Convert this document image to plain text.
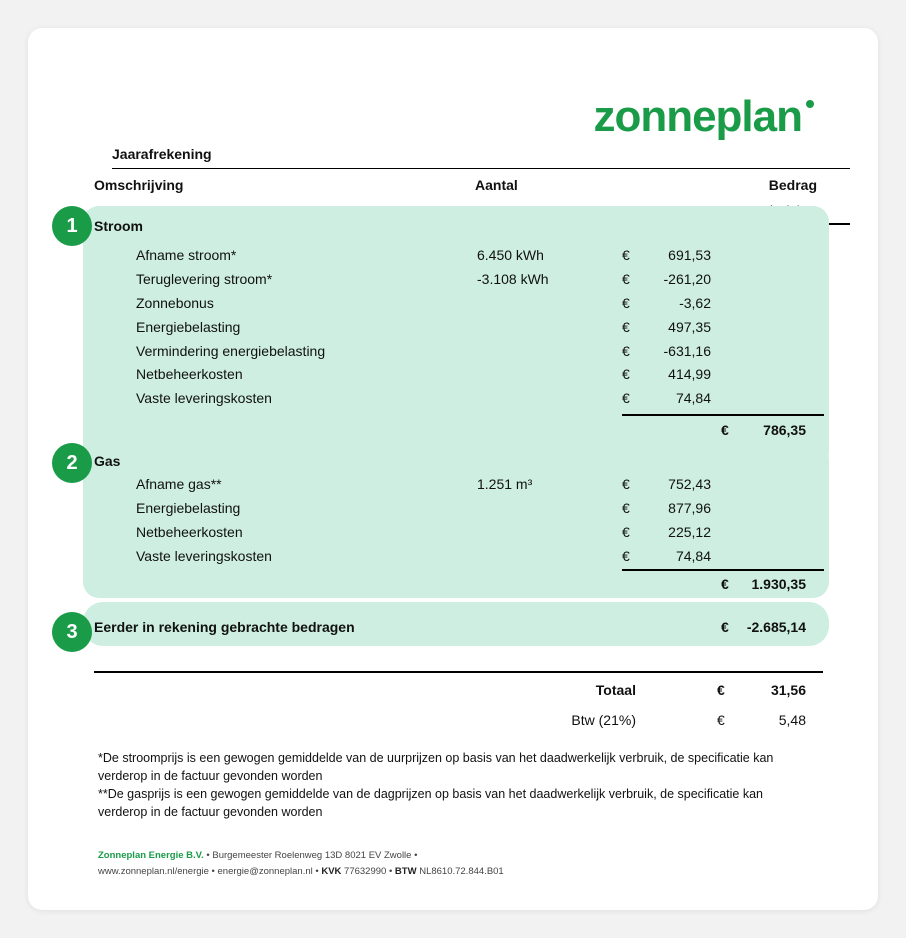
zonneplan
Jaarafrekening
Omschrijving	Aantal	Bedrag
1	Stroom
Afname stroom*	6.450 kWh	€	691,53
Teruglevering stroom*	-3.108 kWh	€ -261,20
Zonnebonus	€	-3,62
Energiebelasting	€	497,35
Vermindering energiebelasting	€ -631,16
Netbeheerkosten	€	414,99
Vaste leveringskosten	€	74,84
€ 786,35
2	Gas
Afname gas**	1.251 m³	€	752,43
Energiebelasting	€	877,96
Netbeheerkosten	€	225,12
Vaste leveringskosten	€	74,84
€ 1.930,35
3	Eerder in rekening gebrachte bedragen	€ -2.685,14
Totaal	€	31,56
Btw (21%)	€	5,48
*De stroomprijs is een gewogen gemiddelde van de uurprijzen op basis van het daadwerkelijk verbruik, de specificatie kan verderop in de factuur gevonden worden
**De gasprijs is een gewogen gemiddelde van de dagprijzen op basis van het daadwerkelijk verbruik, de specificatie kan verderop in de factuur gevonden worden
Zonneplan Energie B.V. • Burgemeester Roelenweg 13D 8021 EV Zwolle •
www.zonneplan.nl/energie • energie@zonneplan.nl • KVK 77632990 • BTW NL8610.72.844.B01
